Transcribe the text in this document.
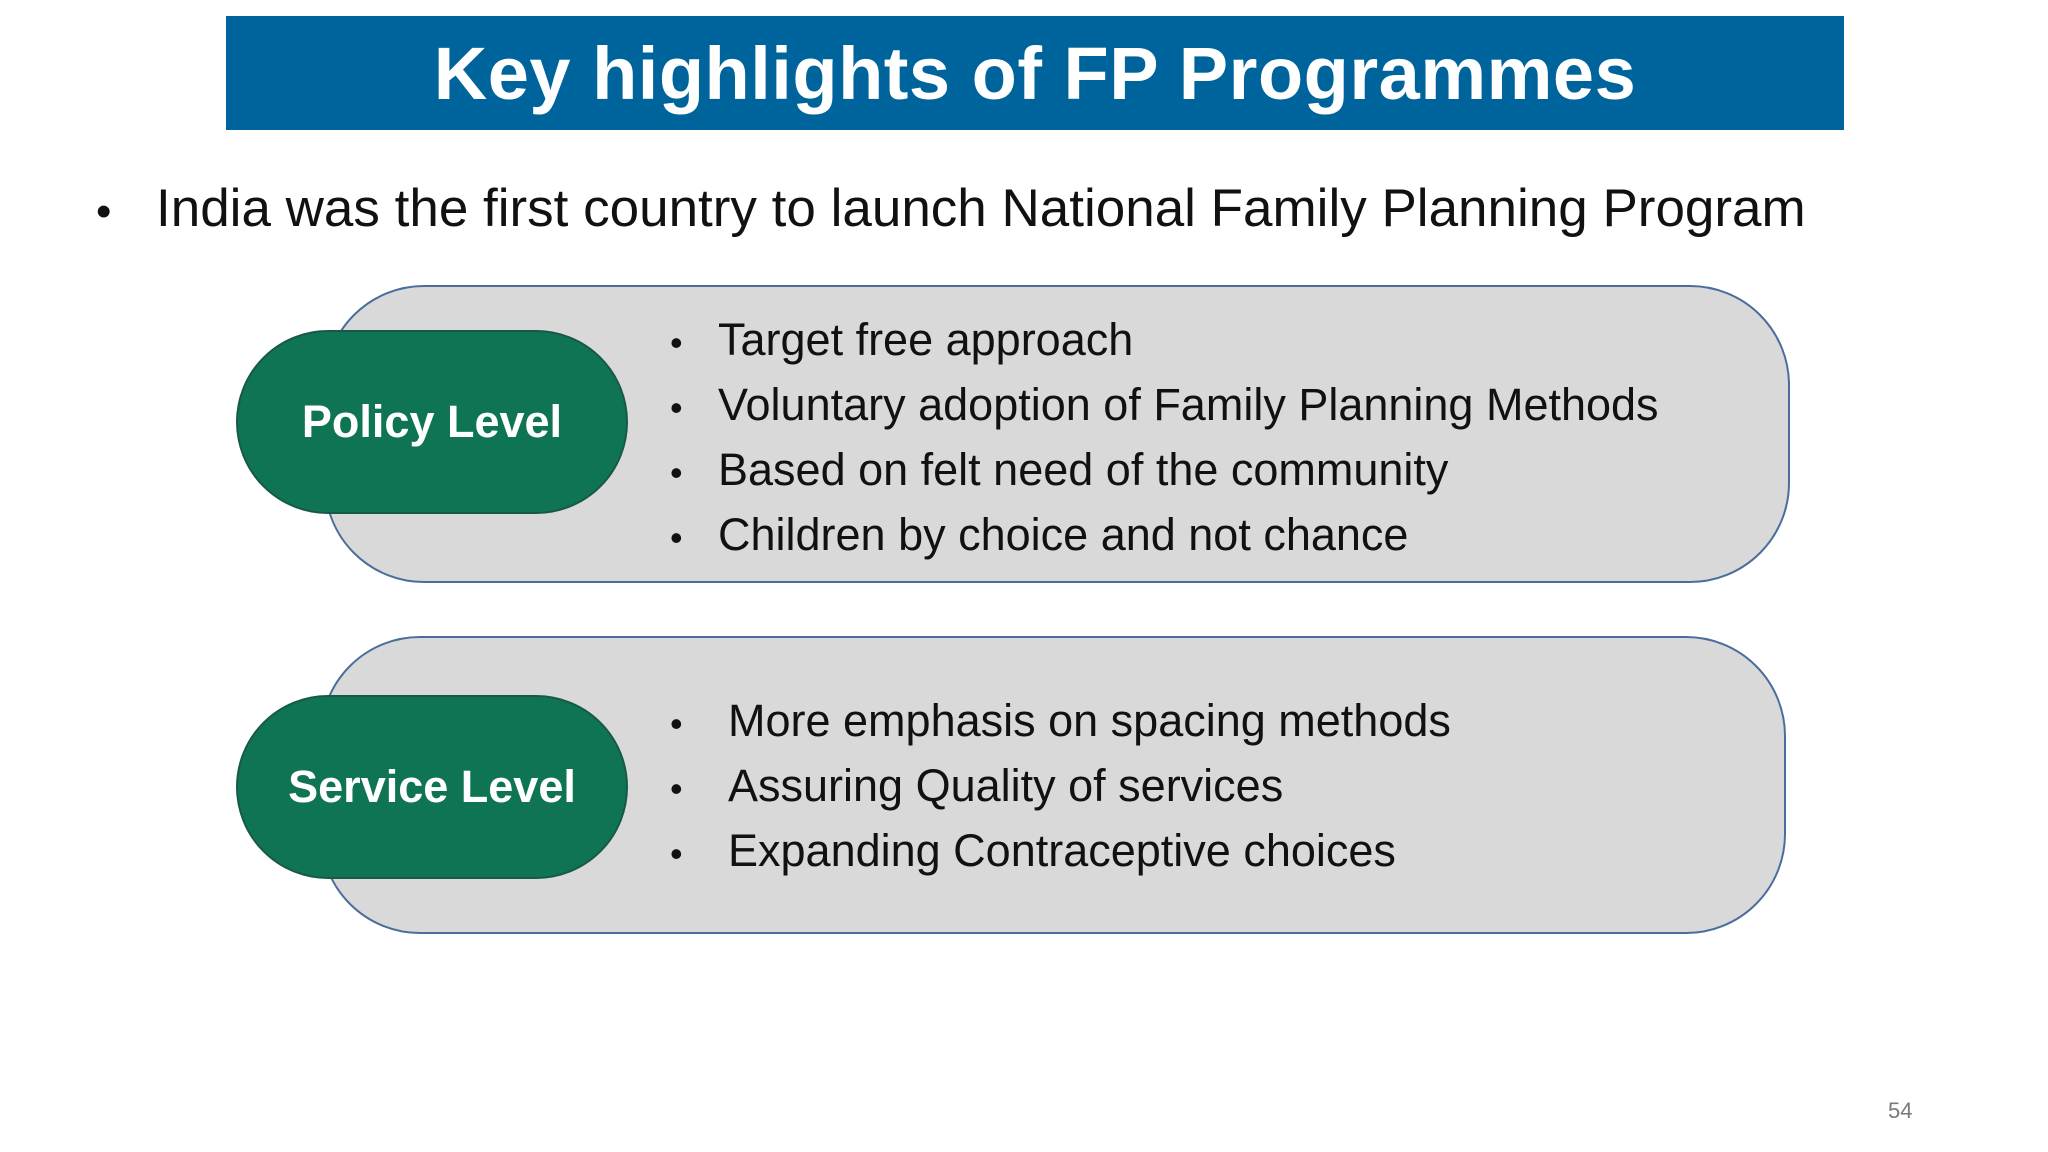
Key highlights of FP Programmes
• India was the first country to launch National Family Planning Program
Policy Level
• Target free approach
• Voluntary adoption of Family Planning Methods
• Based on felt need of the community
• Children by choice and not chance
Service Level
•	More emphasis on spacing methods
•	Assuring Quality of services
•	Expanding Contraceptive choices
54
